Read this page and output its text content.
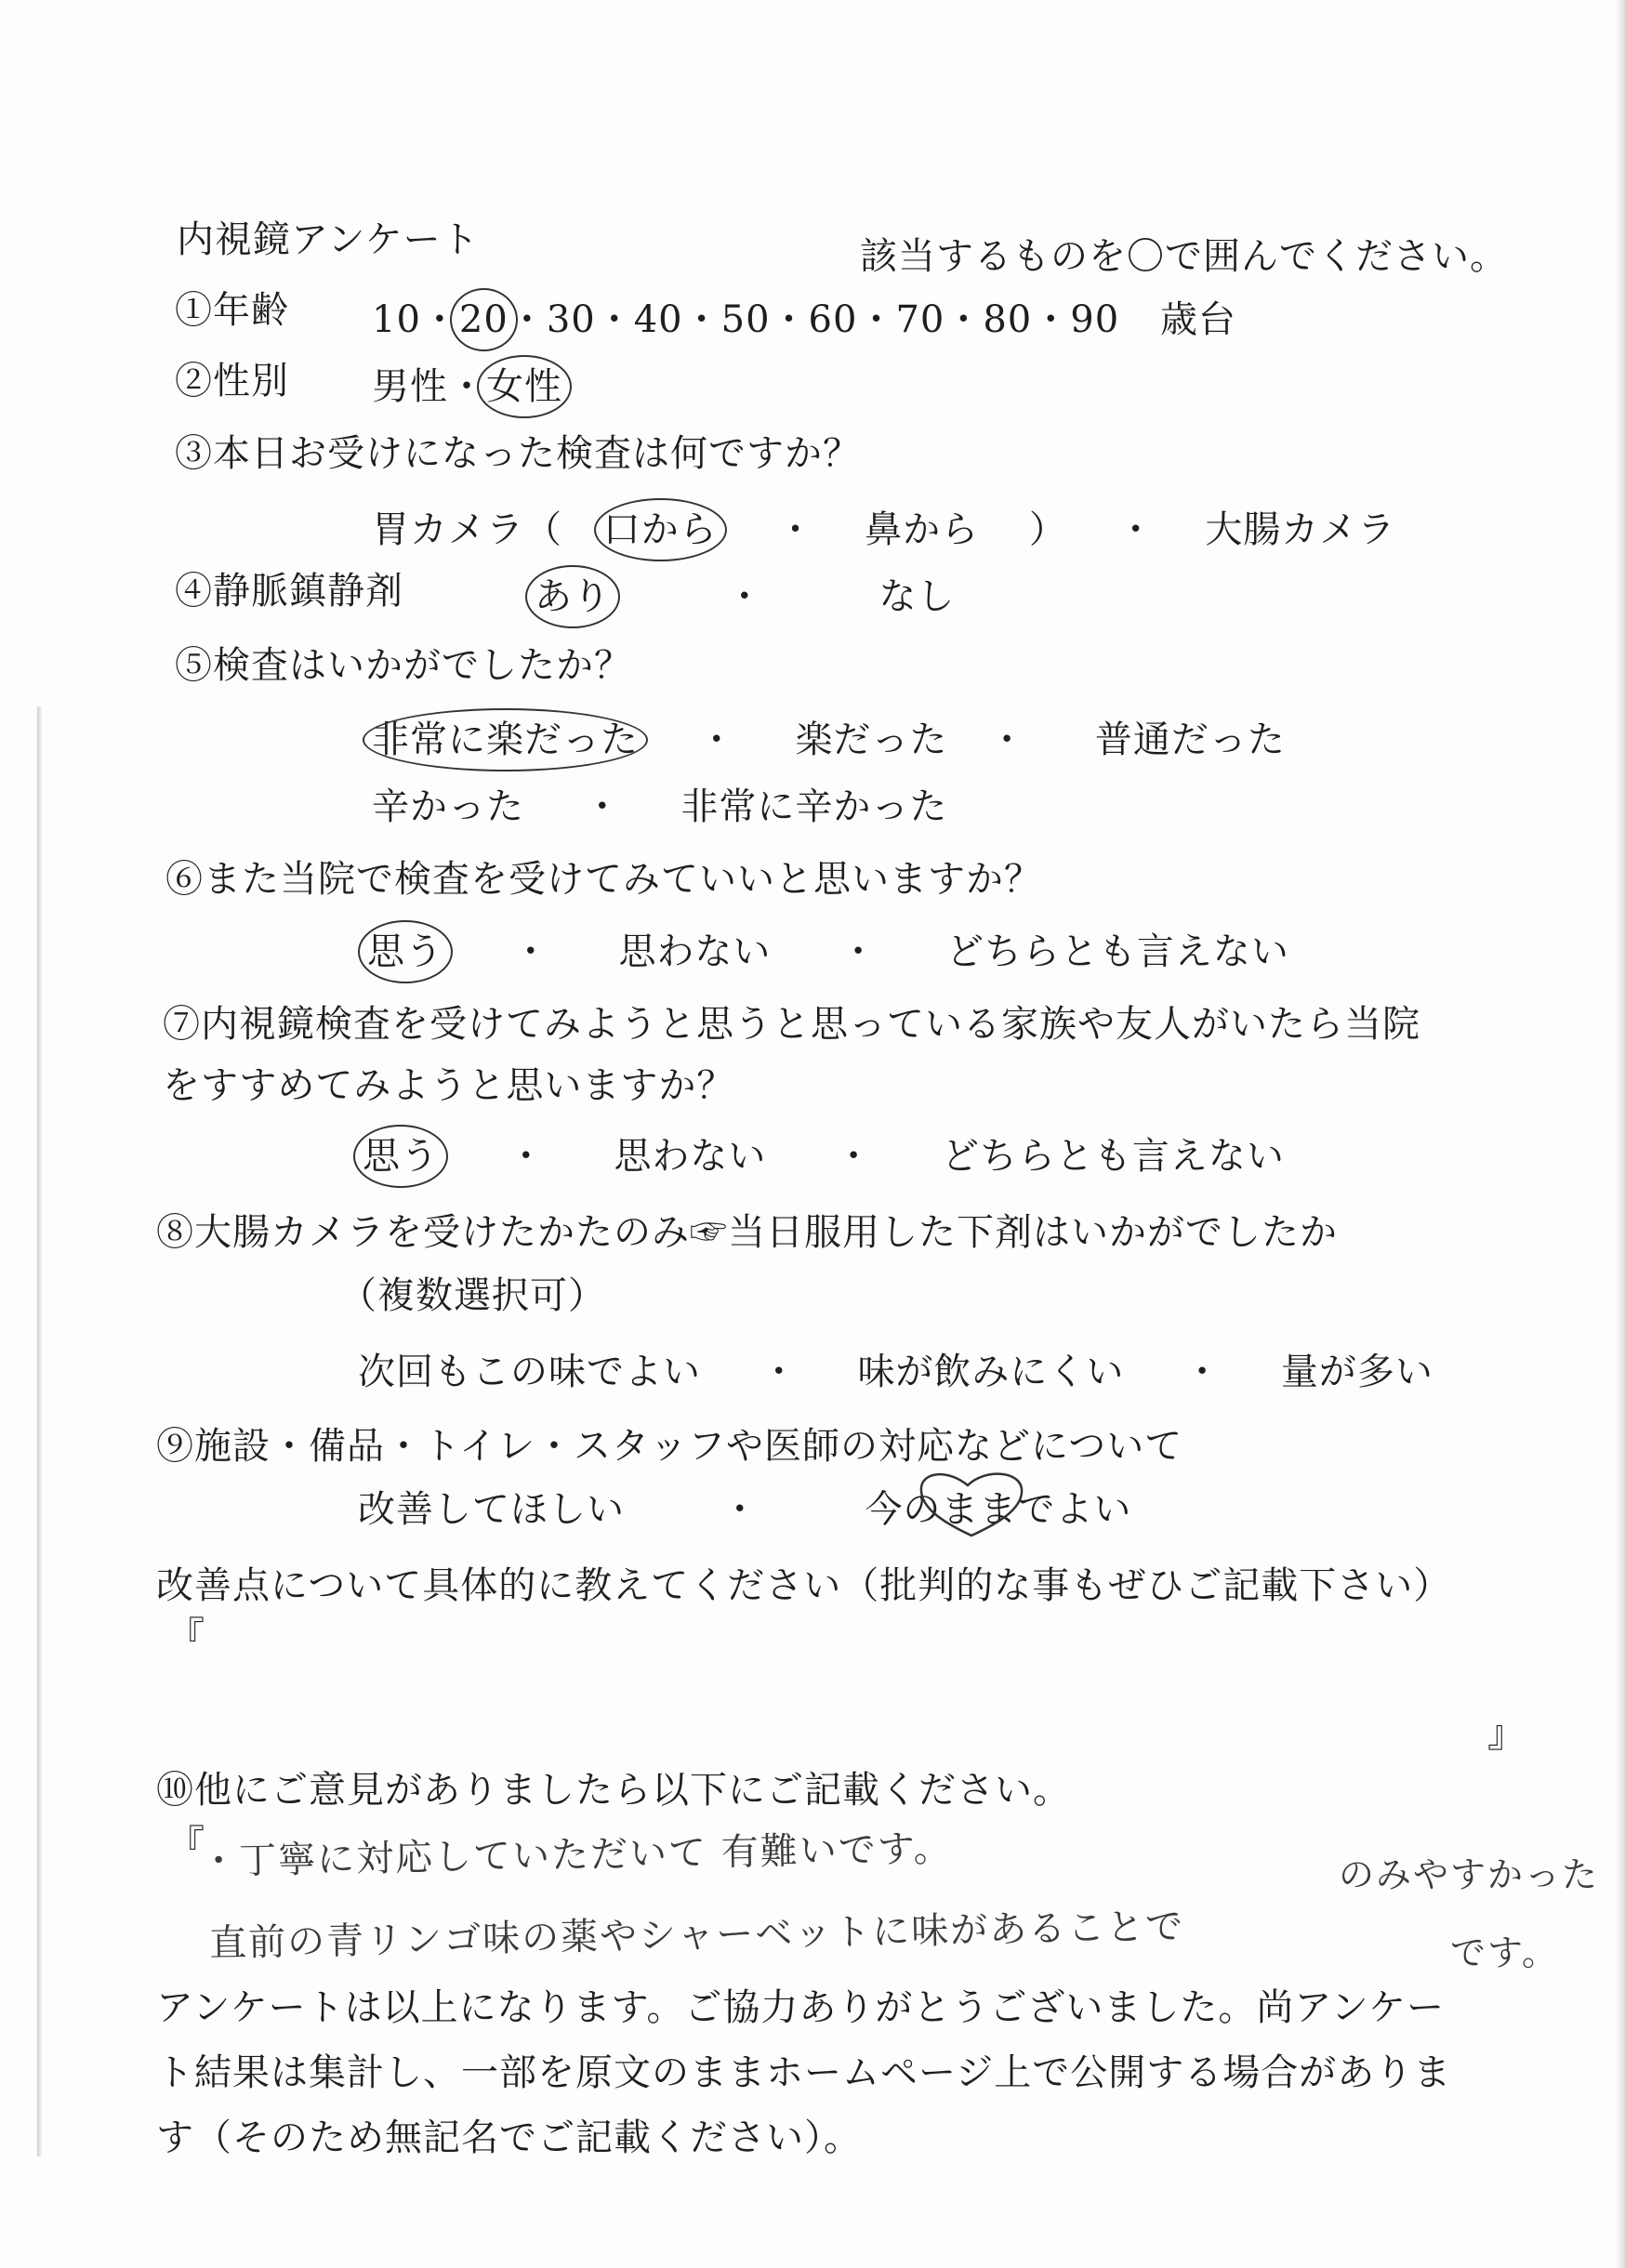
内視鏡アンケート	該当するものを〇で囲んでください。
①年齢 10・20・30・40・50・60・70・80・90 歳台
②性別 男性・女性
③本日お受けになった検査は何ですか？
胃カメラ（ 口から ・ 鼻から ） ・ 大腸カメラ
④静脈鎮静剤	あり	・	なし
⑤検査はいかがでしたか？
非常に楽だった ・ 楽だった ・ 普通だった
辛かった ・ 非常に辛かった
⑥また当院で検査を受けてみていいと思いますか？
思う ・ 思わない ・ どちらとも言えない
⑦内視鏡検査を受けてみようと思うと思っている家族や友人がいたら当院
をすすめてみようと思いますか？
思う ・ 思わない ・ どちらとも言えない
⑧大腸カメラを受けたかたのみ☞当日服用した下剤はいかがでしたか
（複数選択可）
次回もこの味でよい ・ 味が飲みにくい ・ 量が多い
⑨施設・備品・トイレ・スタッフや医師の対応などについて
改善してほしい	・	今のままでよい
改善点について具体的に教えてください（批判的な事もぜひご記載下さい）
『
』
⑩他にご意見がありましたら以下にご記載ください。
『
・丁寧に対応していただいて 有難いです。
直前の青リンゴ味の薬やシャーベットに味があることで
のみやすかった
です。
アンケートは以上になります。ご協力ありがとうございました。尚アンケー
ト結果は集計し、一部を原文のままホームページ上で公開する場合がありま
す（そのため無記名でご記載ください）。
